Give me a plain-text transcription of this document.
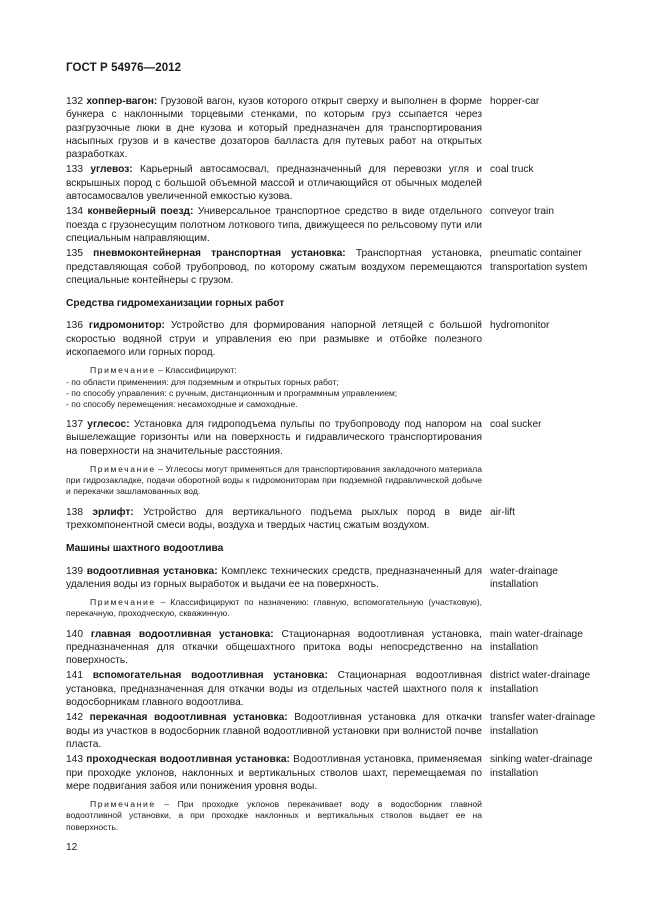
ГОСТ Р 54976—2012
132 хоппер-вагон: Грузовой вагон, кузов которого открыт сверху и выполнен в форме бункера с наклонными торцевыми стенками, по которым груз ссыпается через разгрузочные люки в дне кузова и который предназначен для транспортирования насыпных грузов и в качестве дозаторов балласта для путевых работ на открытых разработках.
hopper-car
133 углевоз: Карьерный автосамосвал, предназначенный для перевозки угля и вскрышных пород с большой объемной массой и отличающийся от обычных моделей автосамосвалов увеличенной емкостью кузова.
coal truck
134 конвейерный поезд: Универсальное транспортное средство в виде отдельного поезда с грузонесущим полотном лоткового типа, движущееся по рельсовому пути или специальным направляющим.
conveyor train
135 пневмоконтейнерная транспортная установка: Транспортная установка, представляющая собой трубопровод, по которому сжатым воздухом перемещаются специальные контейнеры с грузом.
pneumatic container transportation system
Средства гидромеханизации горных работ
136 гидромонитор: Устройство для формирования напорной летящей с большой скоростью водяной струи и управления ею при размывке и отбойке полезного ископаемого или горных пород.
hydromonitor
Примечание – Классифицируют:
- по области применения: для подземным и открытых горных работ;
- по способу управления: с ручным, дистанционным и программным управлением;
- по способу перемещения: несамоходные и самоходные.
137 углесос: Установка для гидроподъема пульпы по трубопроводу под напором на вышележащие горизонты или на поверхность и гидравлического транспортирования на поверхности на значительные расстояния.
coal sucker
Примечание – Углесосы могут применяться для транспортирования закладочного материала при гидрозакладке, подачи оборотной воды к гидромониторам при подземной гидравлической добыче и перекачки зашламованных вод.
138 эрлифт: Устройство для вертикального подъема рыхлых пород в виде трехкомпонентной смеси воды, воздуха и твердых частиц сжатым воздухом.
air-lift
Машины шахтного водоотлива
139 водоотливная установка: Комплекс технических средств, предназначенный для удаления воды из горных выработок и выдачи ее на поверхность.
water-drainage installation
Примечание – Классифицируют по назначению: главную, вспомогательную (участковую), перекачную, проходческую, скважинную.
140 главная водоотливная установка: Стационарная водоотливная установка, предназначенная для откачки общешахтного притока воды непосредственно на поверхность.
main water-drainage installation
141 вспомогательная водоотливная установка: Стационарная водоотливная установка, предназначенная для откачки воды из отдельных частей шахтного поля к водосборникам главного водоотлива.
district water-drainage installation
142 перекачная водоотливная установка: Водоотливная установка для откачки воды из участков в водосборник главной водоотливной установки при волнистой почве пласта.
transfer water-drainage installation
143 проходческая водоотливная установка: Водоотливная установка, применяемая при проходке уклонов, наклонных и вертикальных стволов шахт, перемещаемая по мере подвигания забоя или понижения уровня воды.
sinking water-drainage installation
Примечание – При проходке уклонов перекачивает воду в водосборник главной водоотливной установки, а при проходке наклонных и вертикальных стволов выдает ее на поверхность.
12
